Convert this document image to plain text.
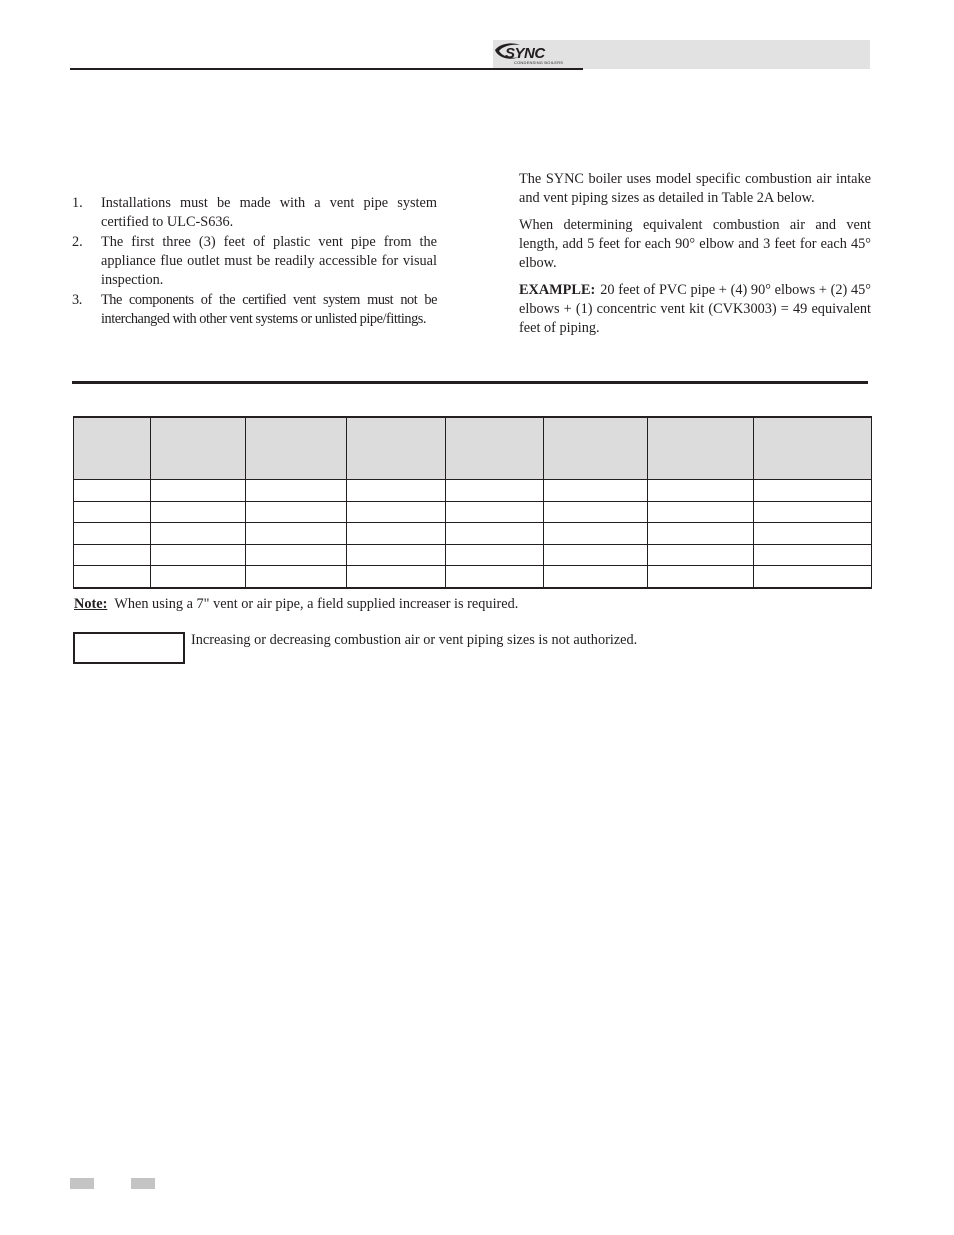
SYNC
CONDENSING BOILERS
1. Installations must be made with a vent pipe system certified to ULC-S636.
2. The first three (3) feet of plastic vent pipe from the appliance flue outlet must be readily accessible for visual inspection.
3. The components of the certified vent system must not be interchanged with other vent systems or unlisted pipe/fittings.

The SYNC boiler uses model specific combustion air intake and vent piping sizes as detailed in Table 2A below.

When determining equivalent combustion air and vent length, add 5 feet for each 90° elbow and 3 feet for each 45° elbow.

EXAMPLE: 20 feet of PVC pipe + (4) 90° elbows + (2) 45° elbows + (1) concentric vent kit (CVK3003) = 49 equivalent feet of piping.

Note: When using a 7" vent or air pipe, a field supplied increaser is required.
Increasing or decreasing combustion air or vent piping sizes is not authorized.
